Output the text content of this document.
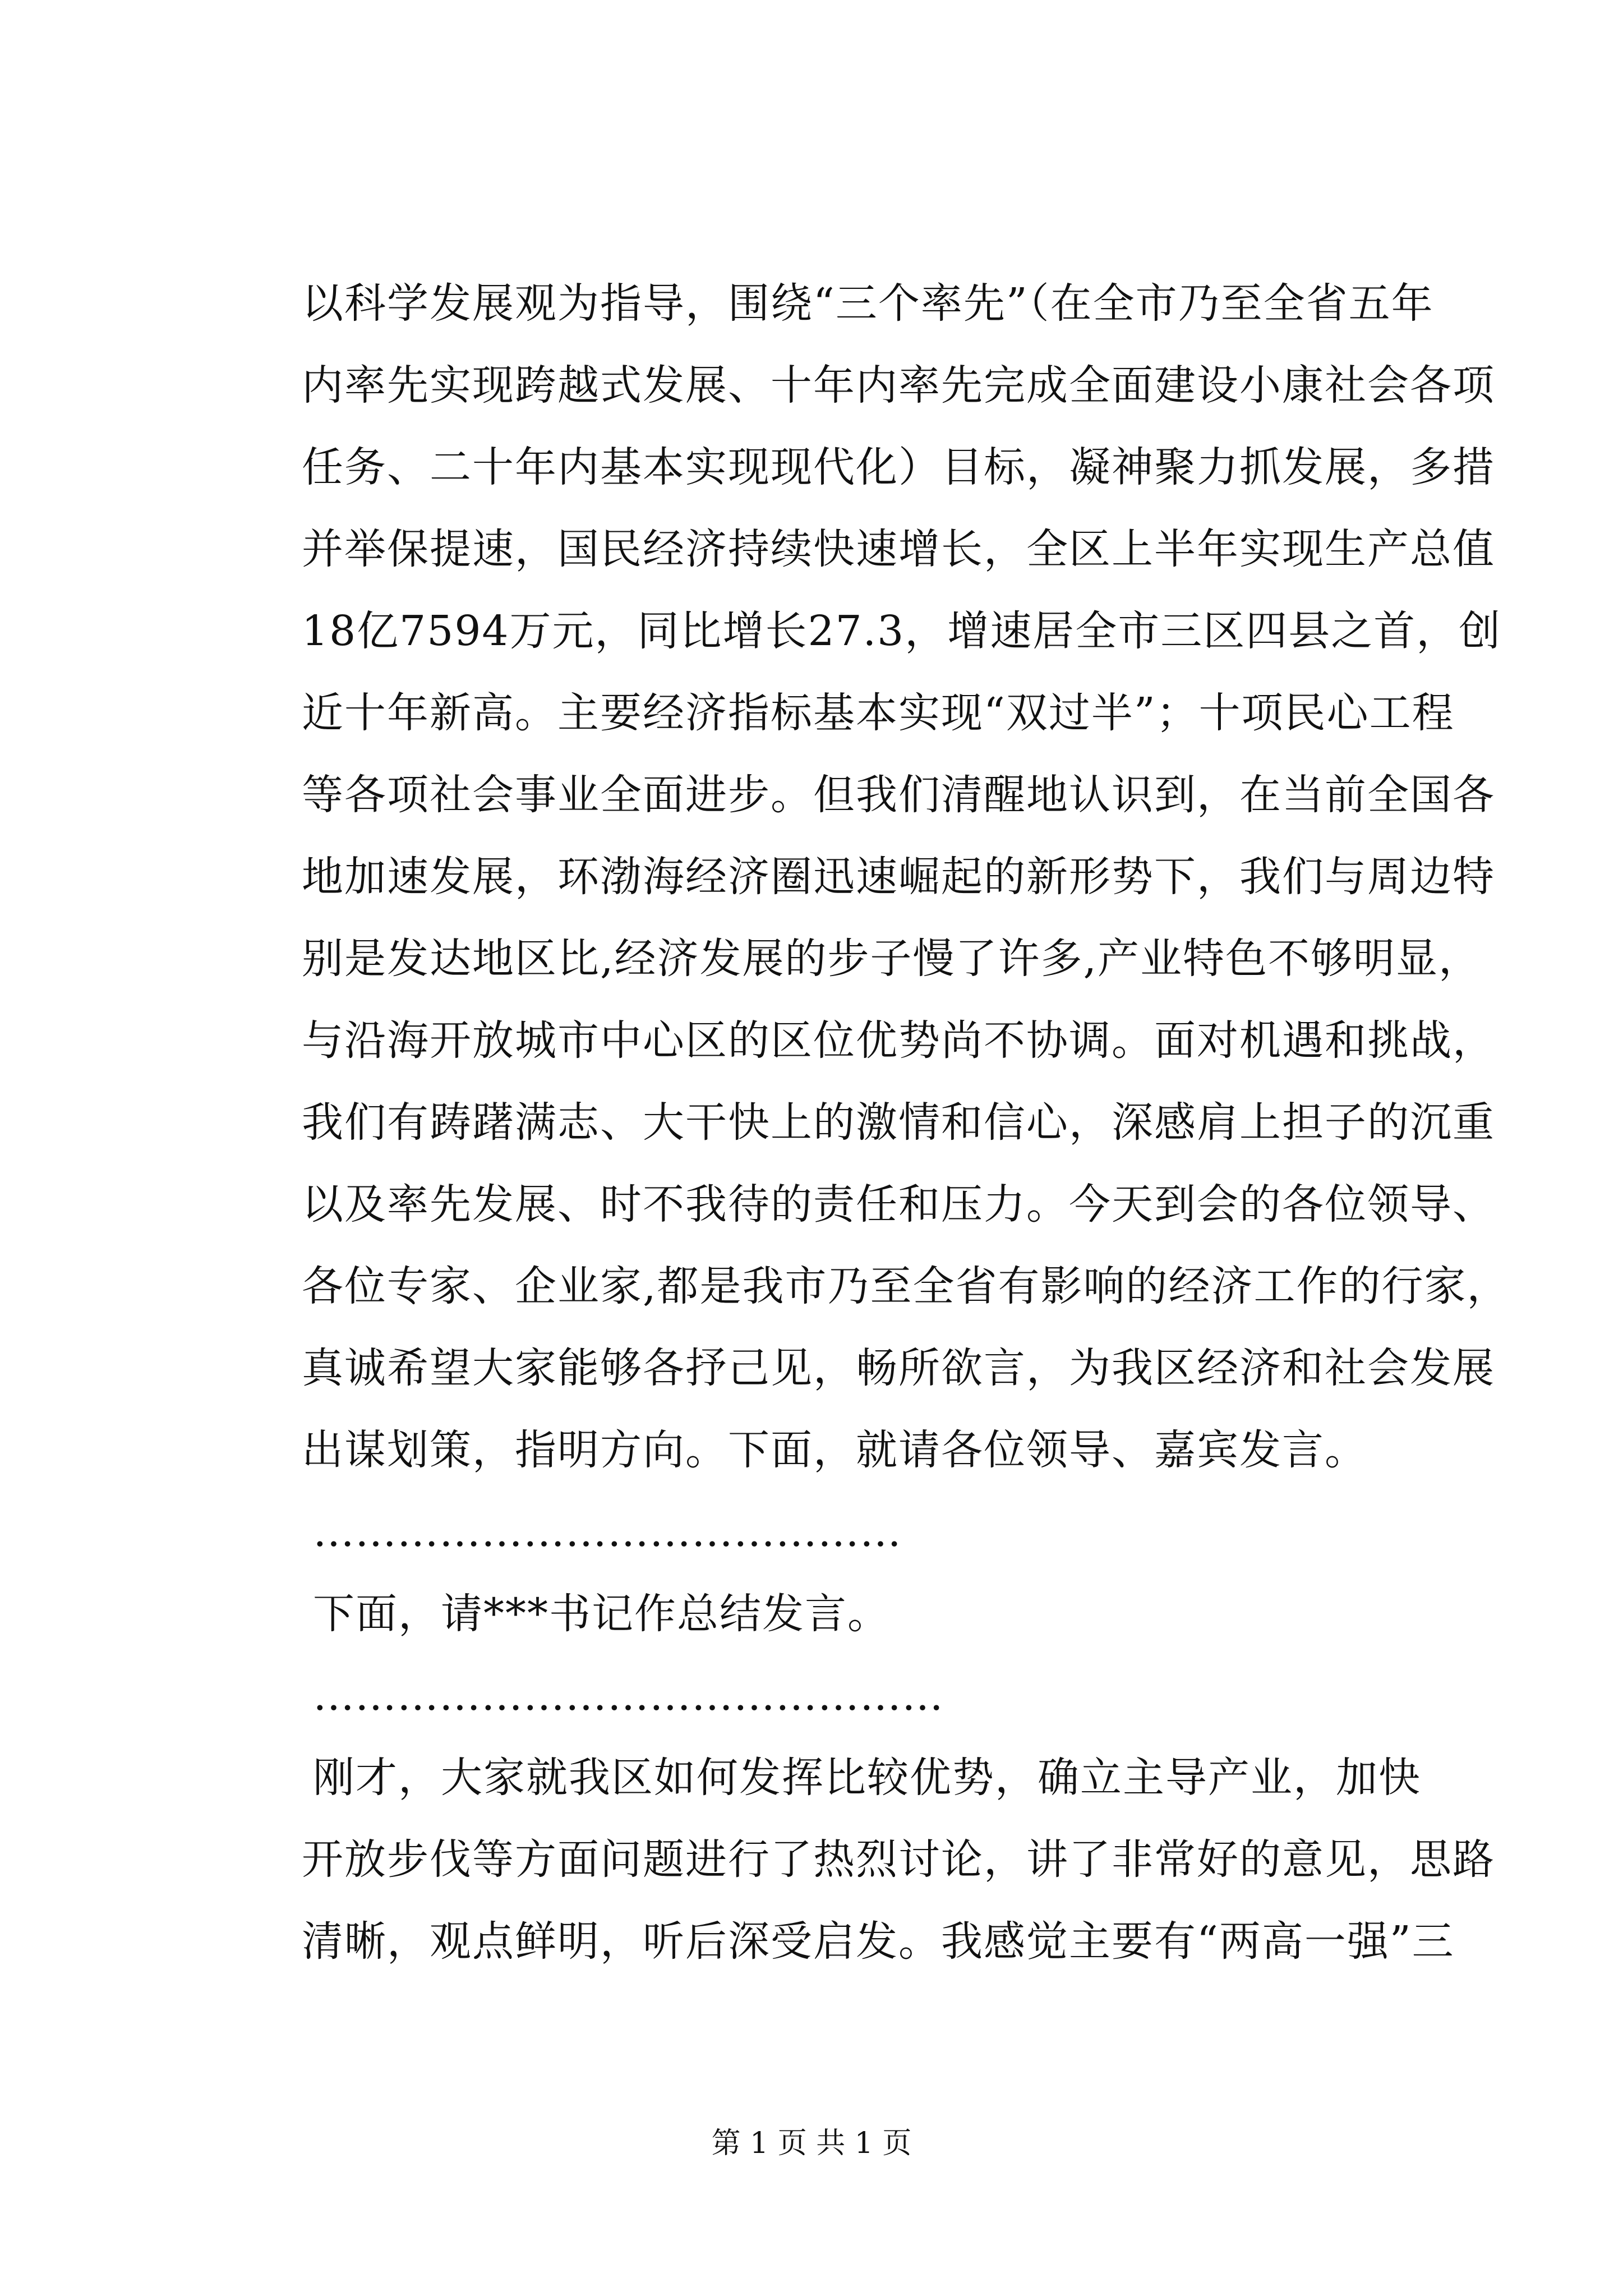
以科学发展观为指导，围绕“三个率先”（在全市乃至全省五年
内率先实现跨越式发展、十年内率先完成全面建设小康社会各项
任务、二十年内基本实现现代化）目标，凝神聚力抓发展，多措
并举保提速，国民经济持续快速增长，全区上半年实现生产总值
18亿7594万元，同比增长27.3，增速居全市三区四县之首，创
近十年新高。主要经济指标基本实现“双过半”；十项民心工程
等各项社会事业全面进步。但我们清醒地认识到，在当前全国各
地加速发展，环渤海经济圈迅速崛起的新形势下，我们与周边特
别是发达地区比,经济发展的步子慢了许多,产业特色不够明显，
与沿海开放城市中心区的区位优势尚不协调。面对机遇和挑战，
我们有踌躇满志、大干快上的激情和信心，深感肩上担子的沉重
以及率先发展、时不我待的责任和压力。今天到会的各位领导、
各位专家、企业家,都是我市乃至全省有影响的经济工作的行家，
真诚希望大家能够各抒己见，畅所欲言，为我区经济和社会发展
出谋划策，指明方向。下面，就请各位领导、嘉宾发言。
……………………………………
下面，请***书记作总结发言。
………………………………………
刚才，大家就我区如何发挥比较优势，确立主导产业，加快
开放步伐等方面问题进行了热烈讨论，讲了非常好的意见，思路
清晰，观点鲜明，听后深受启发。我感觉主要有“两高一强”三
第 1 页 共 1 页
